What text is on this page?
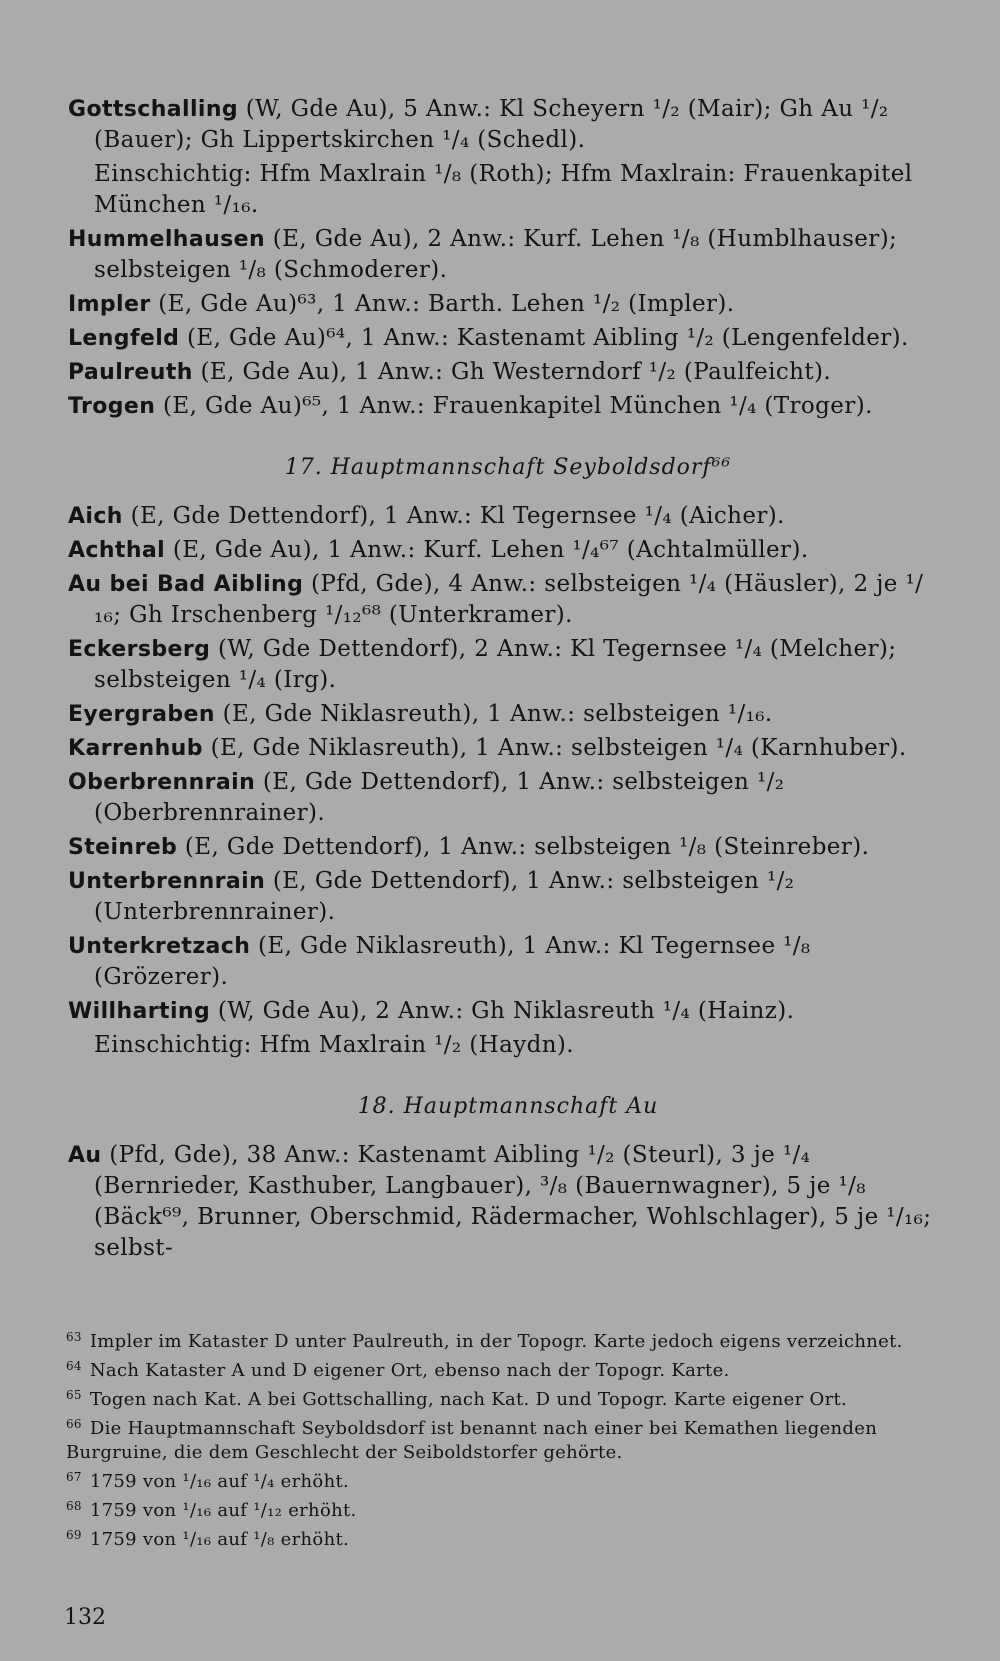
Gottschalling (W, Gde Au), 5 Anw.: Kl Scheyern ¹/₂ (Mair); Gh Au ¹/₂ (Bauer); Gh Lippertskirchen ¹/₄ (Schedl).
Einschichtig: Hfm Maxlrain ¹/₈ (Roth); Hfm Maxlrain: Frauenkapitel München ¹/₁₆.
Hummelhausen (E, Gde Au), 2 Anw.: Kurf. Lehen ¹/₈ (Humblhauser); selbsteigen ¹/₈ (Schmoderer).
Impler (E, Gde Au)⁶³, 1 Anw.: Barth. Lehen ¹/₂ (Impler).
Lengfeld (E, Gde Au)⁶⁴, 1 Anw.: Kastenamt Aibling ¹/₂ (Lengenfelder).
Paulreuth (E, Gde Au), 1 Anw.: Gh Westerndorf ¹/₂ (Paulfeicht).
Trogen (E, Gde Au)⁶⁵, 1 Anw.: Frauenkapitel München ¹/₄ (Troger).
17. Hauptmannschaft Seyboldsdorf⁶⁶
Aich (E, Gde Dettendorf), 1 Anw.: Kl Tegernsee ¹/₄ (Aicher).
Achthal (E, Gde Au), 1 Anw.: Kurf. Lehen ¹/₄⁶⁷ (Achtalmüller).
Au bei Bad Aibling (Pfd, Gde), 4 Anw.: selbsteigen ¹/₄ (Häusler), 2 je ¹/₁₆; Gh Irschenberg ¹/₁₂⁶⁸ (Unterkramer).
Eckersberg (W, Gde Dettendorf), 2 Anw.: Kl Tegernsee ¹/₄ (Melcher); selbsteigen ¹/₄ (Irg).
Eyergraben (E, Gde Niklasreuth), 1 Anw.: selbsteigen ¹/₁₆.
Karrenhub (E, Gde Niklasreuth), 1 Anw.: selbsteigen ¹/₄ (Karnhuber).
Oberbrennrain (E, Gde Dettendorf), 1 Anw.: selbsteigen ¹/₂ (Oberbrennrainer).
Steinreb (E, Gde Dettendorf), 1 Anw.: selbsteigen ¹/₈ (Steinreber).
Unterbrennrain (E, Gde Dettendorf), 1 Anw.: selbsteigen ¹/₂ (Unterbrennrainer).
Unterkretzach (E, Gde Niklasreuth), 1 Anw.: Kl Tegernsee ¹/₈ (Grözerer).
Willharting (W, Gde Au), 2 Anw.: Gh Niklasreuth ¹/₄ (Hainz).
Einschichtig: Hfm Maxlrain ¹/₂ (Haydn).
18. Hauptmannschaft Au
Au (Pfd, Gde), 38 Anw.: Kastenamt Aibling ¹/₂ (Steurl), 3 je ¹/₄ (Bernrieder, Kasthuber, Langbauer), ³/₈ (Bauernwagner), 5 je ¹/₈ (Bäck⁶⁹, Brunner, Oberschmid, Rädermacher, Wohlschlager), 5 je ¹/₁₆; selbst-
$^{63}$ Impler im Kataster D unter Paulreuth, in der Topogr. Karte jedoch eigens verzeichnet.
$^{64}$ Nach Kataster A und D eigener Ort, ebenso nach der Topogr. Karte.
$^{65}$ Togen nach Kat. A bei Gottschalling, nach Kat. D und Topogr. Karte eigener Ort.
$^{66}$ Die Hauptmannschaft Seyboldsdorf ist benannt nach einer bei Kemathen liegenden Burgruine, die dem Geschlecht der Seiboldstorfer gehörte.
$^{67}$ 1759 von ¹/₁₆ auf ¹/₄ erhöht.
$^{68}$ 1759 von ¹/₁₆ auf ¹/₁₂ erhöht.
$^{69}$ 1759 von ¹/₁₆ auf ¹/₈ erhöht.
132
